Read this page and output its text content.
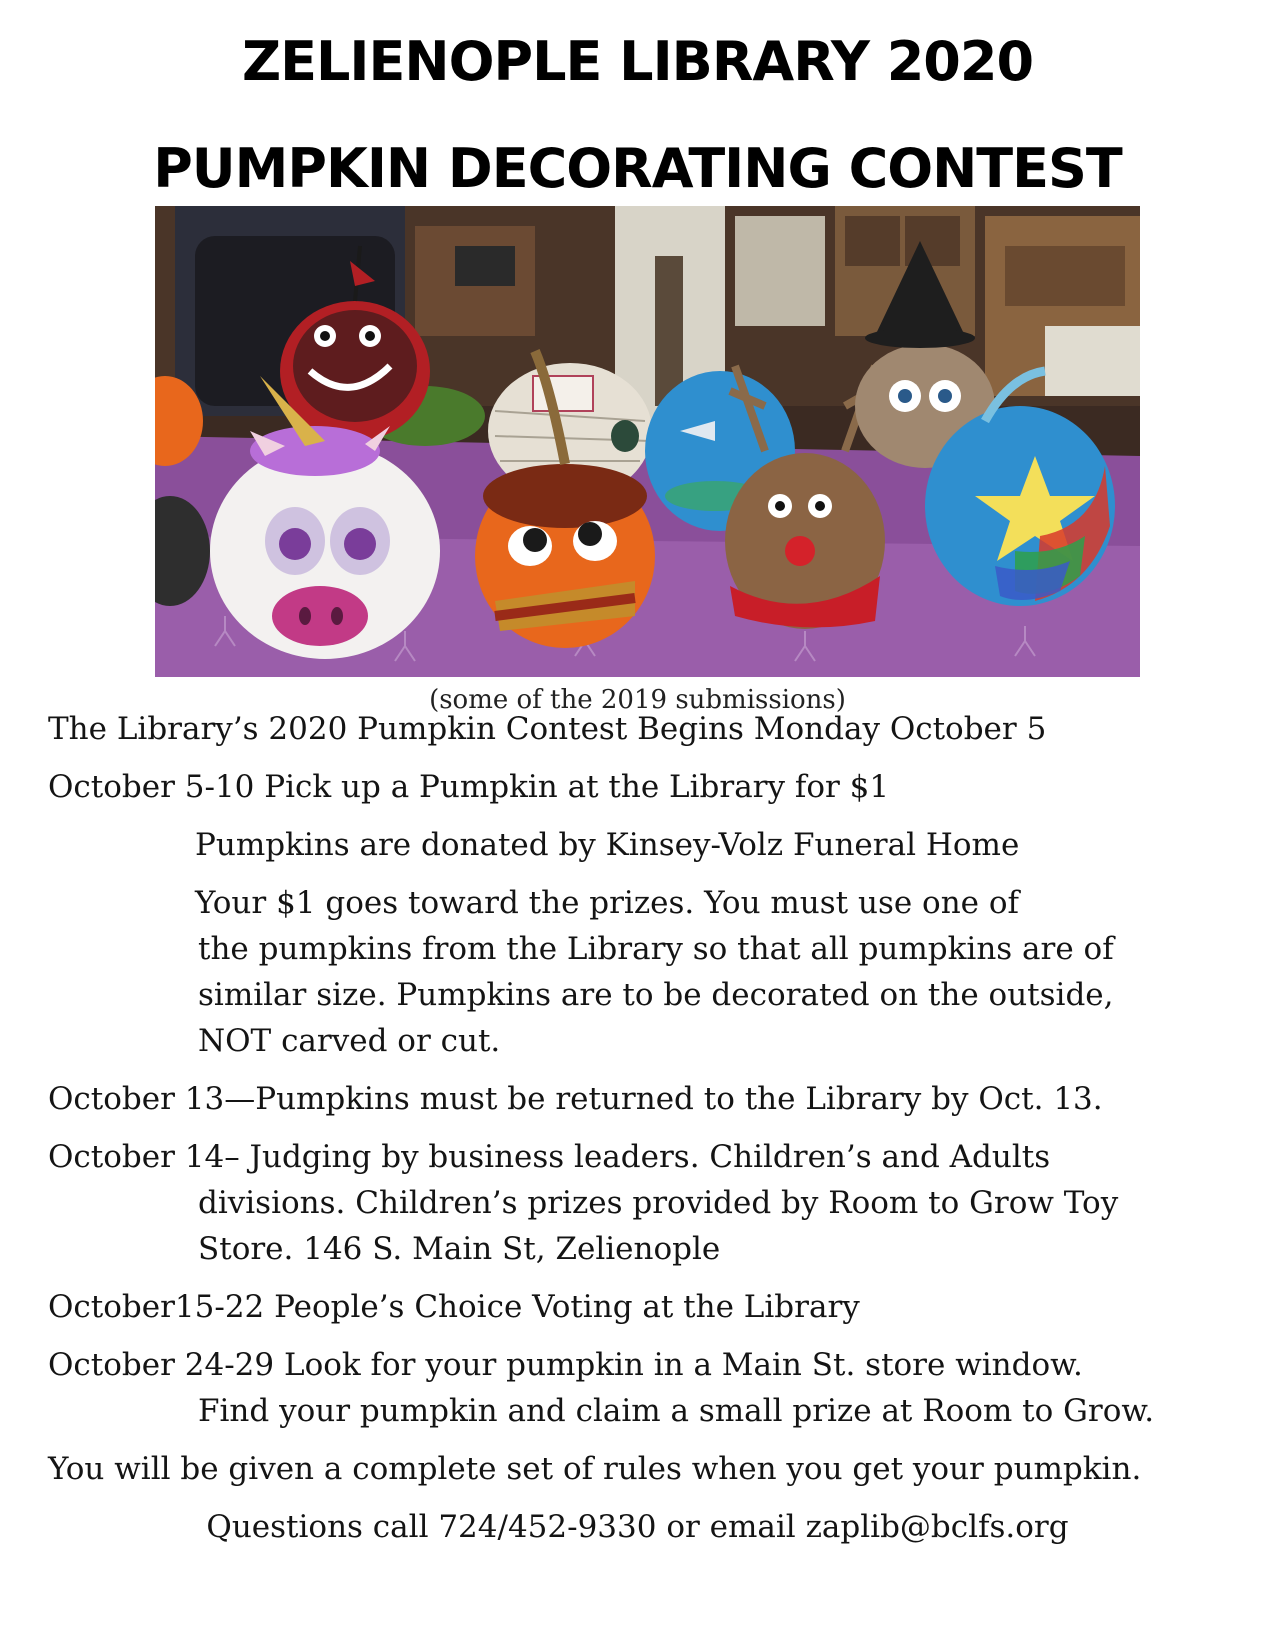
ZELIENOPLE LIBRARY 2020
PUMPKIN DECORATING CONTEST
(some of the 2019 submissions)
The Library’s 2020 Pumpkin Contest Begins Monday October 5
October 5-10 Pick up a Pumpkin at the Library for $1
Pumpkins are donated by Kinsey-Volz Funeral Home
Your $1 goes toward the prizes. You must use one of
the pumpkins from the Library so that all pumpkins are of
similar size. Pumpkins are to be decorated on the outside,
NOT carved or cut.
October 13—Pumpkins must be returned to the Library by Oct. 13.
October 14– Judging by business leaders. Children’s and Adults
divisions. Children’s prizes provided by Room to Grow Toy
Store. 146 S. Main St, Zelienople
October15-22 People’s Choice Voting at the Library
October 24-29 Look for your pumpkin in a Main St. store window.
Find your pumpkin and claim a small prize at Room to Grow.
You will be given a complete set of rules when you get your pumpkin.
Questions call 724/452-9330 or email zaplib@bclfs.org
